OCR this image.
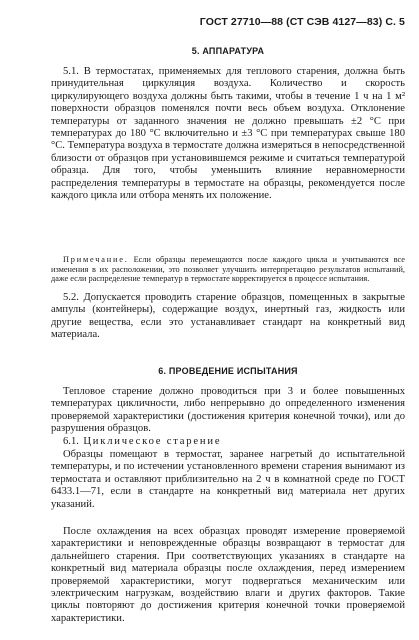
ГОСТ 27710—88 (СТ СЭВ 4127—83) С. 5
5. АППАРАТУРА

5.1. В термостатах, применяемых для теплового старения, должна быть принудительная циркуляция воздуха. Количество и скорость циркулирующего воздуха должны быть такими, чтобы в течение 1 ч на 1 м² поверхности образцов поменялся почти весь объем воздуха. Отклонение температуры от заданного значения не должно превышать ±2 °С при температурах до 180 °С включительно и ±3 °С при температурах свыше 180 °С. Температура воздуха в термостате должна измеряться в непосредственной близости от образцов при установившемся режиме и считаться температурой образца. Для того, чтобы уменьшить влияние неравномерности распределения температуры в термостате на образцы, рекомендуется после каждого цикла или отбора менять их положение.

Примечание. Если образцы перемещаются после каждого цикла и учитываются все изменения в их расположении, это позволяет улучшить интерпретацию результатов испытаний, даже если распределение температур в термостате корректируется в процессе испытания.

5.2. Допускается проводить старение образцов, помещенных в закрытые ампулы (контейнеры), содержащие воздух, инертный газ, жидкость или другие вещества, если это устанавливает стандарт на конкретный вид материала.

6. ПРОВЕДЕНИЕ ИСПЫТАНИЯ

Тепловое старение должно проводиться при 3 и более повышенных температурах цикличности, либо непрерывно до определенного изменения проверяемой характеристики (достижения критерия конечной точки), или до разрушения образцов.

6.1. Циклическое старение

Образцы помещают в термостат, заранее нагретый до испытательной температуры, и по истечении установленного времени старения вынимают из термостата и оставляют приблизительно на 2 ч в комнатной среде по ГОСТ 6433.1—71, если в стандарте на конкретный вид материала нет других указаний.

После охлаждения на всех образцах проводят измерение проверяемой характеристики и неповрежденные образцы возвращают в термостат для дальнейшего старения. При соответствующих указаниях в стандарте на конкретный вид материала образцы после охлаждения, перед измерением проверяемой характеристики, могут подвергаться механическим или электрическим нагрузкам, воздействию влаги и других факторов. Такие циклы повторяют до достижения критерия конечной точки проверяемой характеристики.
